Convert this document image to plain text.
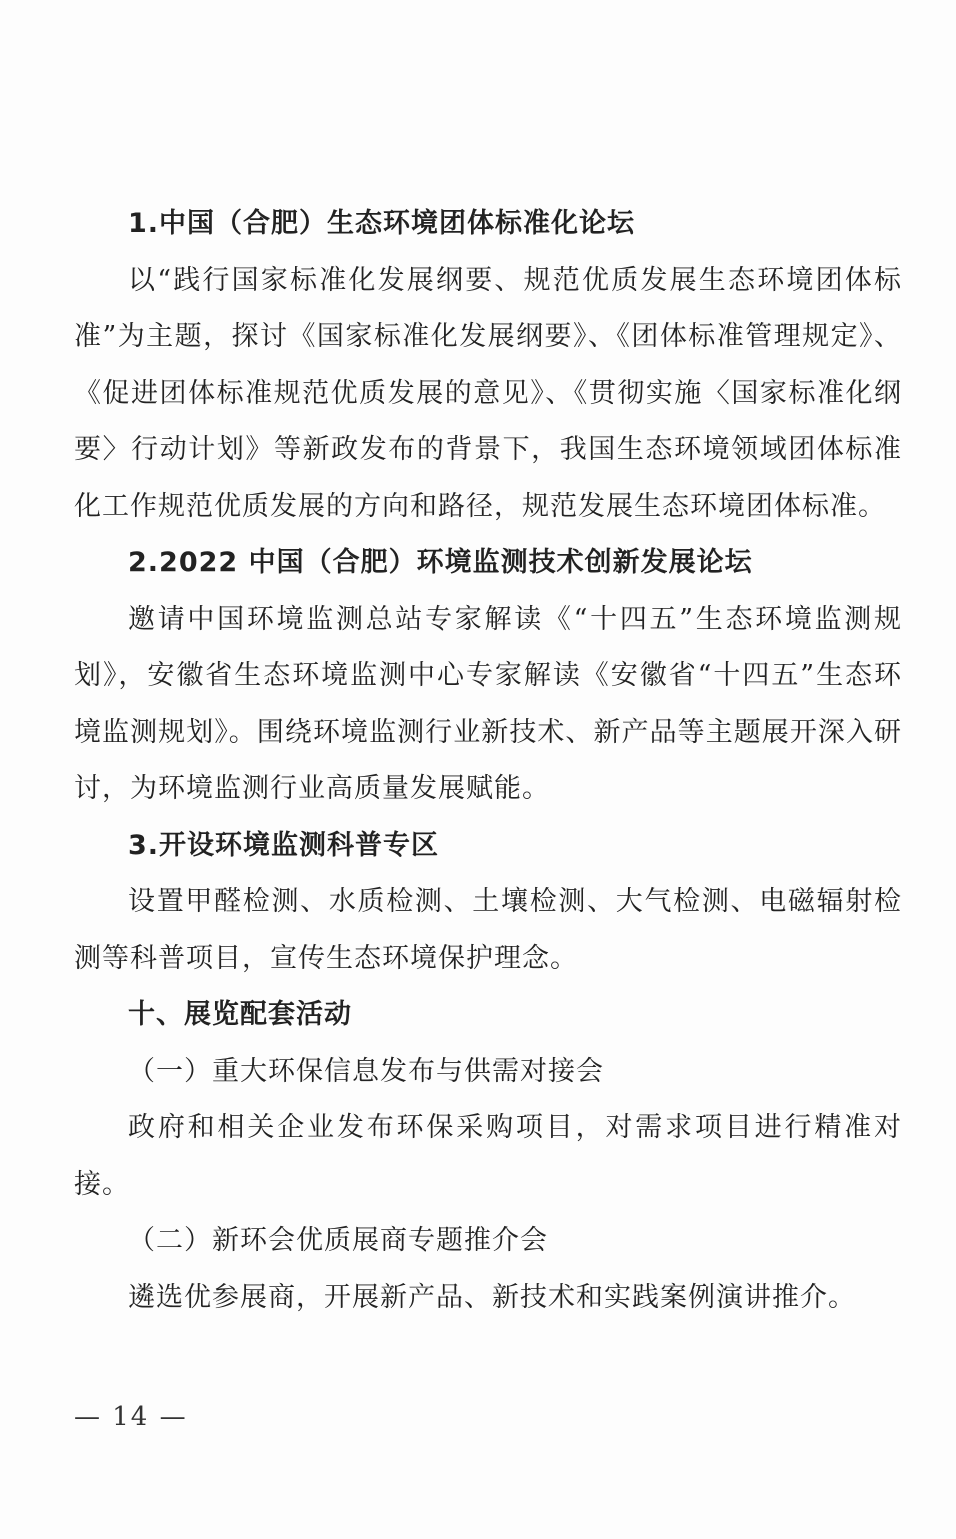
1.中国（合肥）生态环境团体标准化论坛

以“践行国家标准化发展纲要、规范优质发展生态环境团体标准”为主题，探讨《国家标准化发展纲要》、《团体标准管理规定》、《促进团体标准规范优质发展的意见》、《贯彻实施〈国家标准化纲要〉行动计划》等新政发布的背景下，我国生态环境领域团体标准化工作规范优质发展的方向和路径，规范发展生态环境团体标准。

2.2022 中国（合肥）环境监测技术创新发展论坛

邀请中国环境监测总站专家解读《“十四五”生态环境监测规划》，安徽省生态环境监测中心专家解读《安徽省“十四五”生态环境监测规划》。围绕环境监测行业新技术、新产品等主题展开深入研讨，为环境监测行业高质量发展赋能。

3.开设环境监测科普专区

设置甲醛检测、水质检测、土壤检测、大气检测、电磁辐射检测等科普项目，宣传生态环境保护理念。

十、展览配套活动

（一）重大环保信息发布与供需对接会

政府和相关企业发布环保采购项目，对需求项目进行精准对接。

（二）新环会优质展商专题推介会

遴选优参展商，开展新产品、新技术和实践案例演讲推介。

— 14 —
